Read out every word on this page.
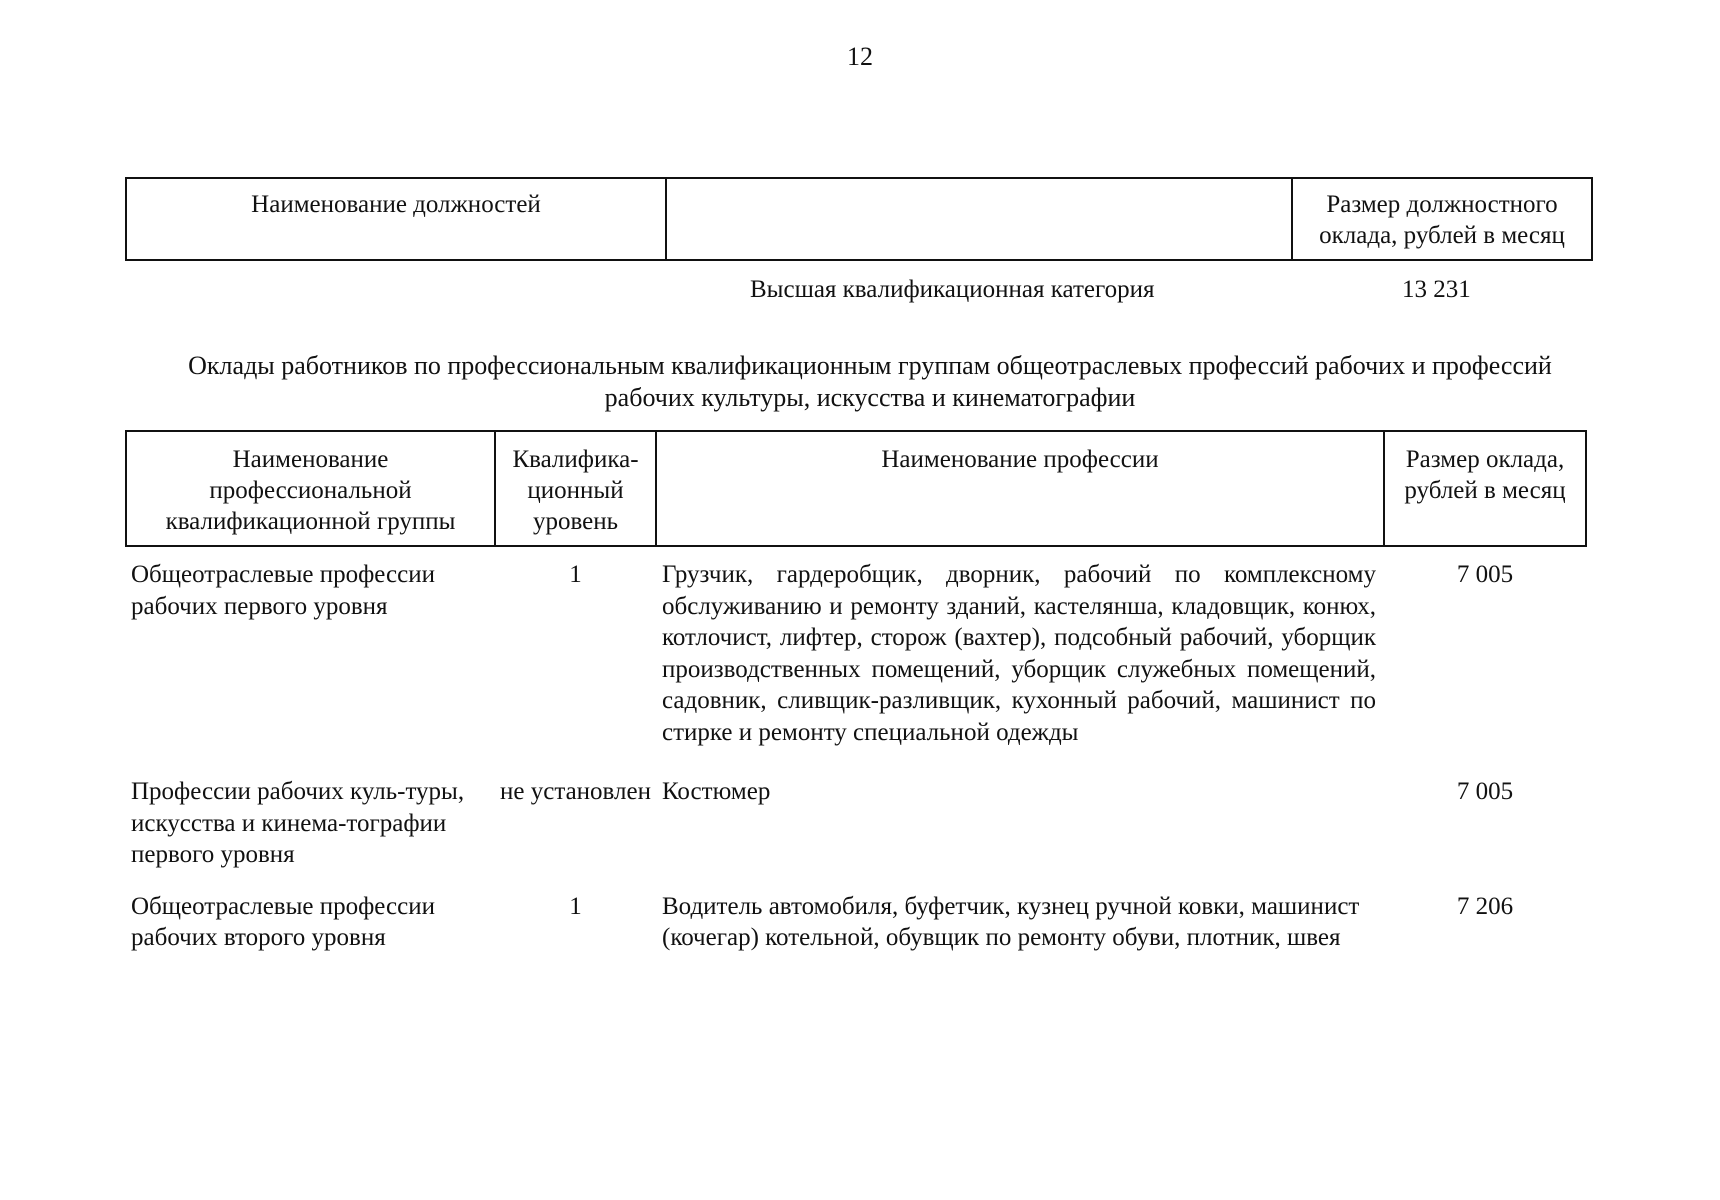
12
Наименование должностей		Размер должностного оклада, рублей в месяц
Высшая квалификационная категория	13 231
Оклады работников по профессиональным квалификационным группам общеотраслевых профессий рабочих и профессий рабочих культуры, искусства и кинематографии
Наименование профессиональной квалификационной группы	Квалифика-ционный уровень	Наименование профессии	Размер оклада, рублей в месяц
Общеотраслевые профессии рабочих первого уровня	1	Грузчик, гардеробщик, дворник, рабочий по комплексному обслуживанию и ремонту зданий, кастелянша, кладовщик, конюх, котлочист, лифтер, сторож (вахтер), подсобный рабочий, уборщик производственных помещений, уборщик служебных помещений, садовник, сливщик-разливщик, кухонный рабочий, машинист по стирке и ремонту специальной одежды	7 005
Профессии рабочих куль-туры, искусства и кинема-тографии первого уровня	не установлен	Костюмер	7 005
Общеотраслевые профессии рабочих второго уровня	1	Водитель автомобиля, буфетчик, кузнец ручной ковки, машинист (кочегар) котельной, обувщик по ремонту обуви, плотник, швея	7 206
